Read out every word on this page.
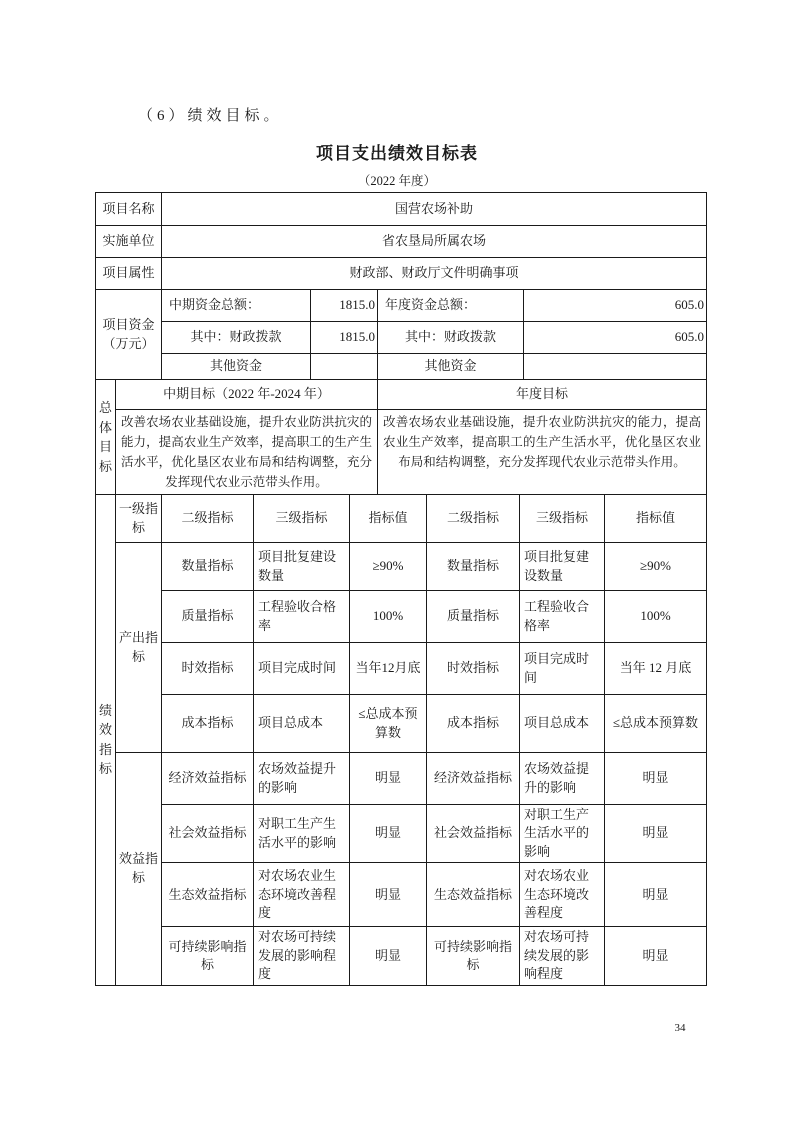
（6）绩效目标。
项目支出绩效目标表
（2022 年度）
项目名称	国营农场补助
实施单位	省农垦局所属农场
项目属性	财政部、财政厅文件明确事项
项目资金（万元）	中期资金总额：	1815.0	年度资金总额：	605.0
	其中：财政拨款	1815.0	其中：财政拨款	605.0
	其他资金		其他资金	
总体目标	中期目标（2022 年-2024 年）	年度目标
	改善农场农业基础设施，提升农业防洪抗灾的能力，提高农业生产效率，提高职工的生产生活水平，优化垦区农业布局和结构调整，充分发挥现代农业示范带头作用。	改善农场农业基础设施，提升农业防洪抗灾的能力，提高农业生产效率，提高职工的生产生活水平，优化垦区农业布局和结构调整，充分发挥现代农业示范带头作用。
绩效指标	一级指标	二级指标	三级指标	指标值	二级指标	三级指标	指标值
	产出指标	数量指标	项目批复建设数量	≥90%	数量指标	项目批复建设数量	≥90%
		质量指标	工程验收合格率	100%	质量指标	工程验收合格率	100%
		时效指标	项目完成时间	当年12月底	时效指标	项目完成时间	当年 12 月底
		成本指标	项目总成本	≤总成本预算数	成本指标	项目总成本	≤总成本预算数
	效益指标	经济效益指标	农场效益提升的影响	明显	经济效益指标	农场效益提升的影响	明显
		社会效益指标	对职工生产生活水平的影响	明显	社会效益指标	对职工生产生活水平的影响	明显
		生态效益指标	对农场农业生态环境改善程度	明显	生态效益指标	对农场农业生态环境改善程度	明显
		可持续影响指标	对农场可持续发展的影响程度	明显	可持续影响指标	对农场可持续发展的影响程度	明显
34
